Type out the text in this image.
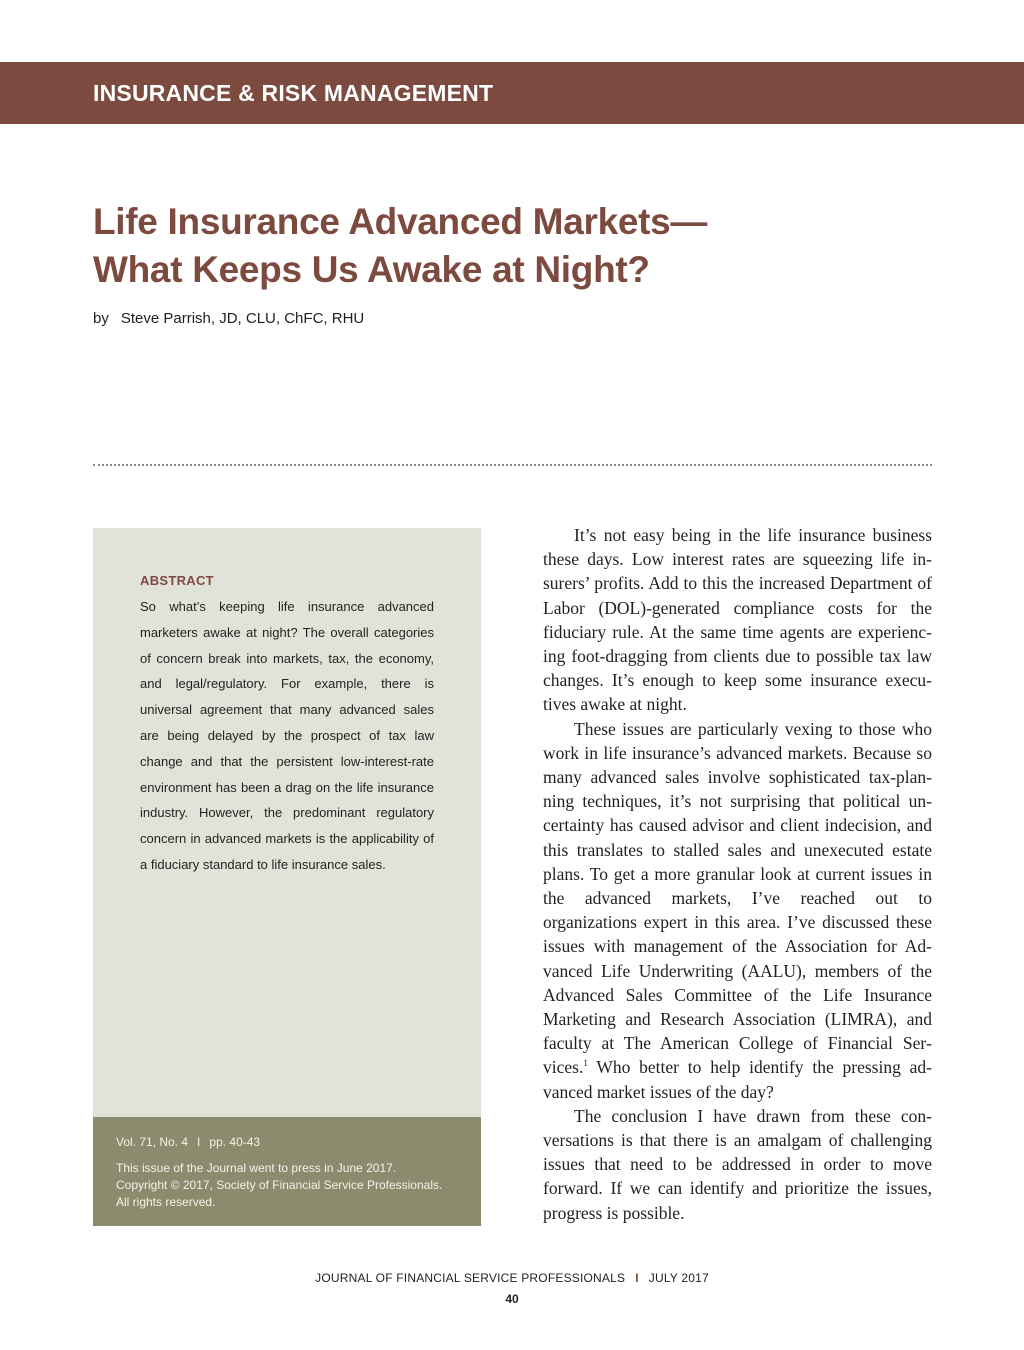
INSURANCE & RISK MANAGEMENT
Life Insurance Advanced Markets—
What Keeps Us Awake at Night?
by Steve Parrish, JD, CLU, ChFC, RHU
ABSTRACT

So what’s keeping life insurance advanced marketers awake at night? The overall categories of concern break into markets, tax, the economy, and legal/regulatory. For example, there is universal agreement that many advanced sales are being delayed by the prospect of tax law change and that the persistent low-interest-rate environment has been a drag on the life insurance industry. However, the predominant regulatory concern in advanced markets is the applicability of a fiduciary standard to life insurance sales.

Vol. 71, No. 4 I pp. 40-43
This issue of the Journal went to press in June 2017.
Copyright © 2017, Society of Financial Service Professionals.
All rights reserved.

It’s not easy being in the life insurance business these days. Low interest rates are squeezing life insurers’ profits. Add to this the increased Department of Labor (DOL)-generated compliance costs for the fiduciary rule. At the same time agents are experiencing foot-dragging from clients due to possible tax law changes. It’s enough to keep some insurance executives awake at night.

These issues are particularly vexing to those who work in life insurance’s advanced markets. Because so many advanced sales involve sophisticated tax-planning techniques, it’s not surprising that political uncertainty has caused advisor and client indecision, and this translates to stalled sales and unexecuted estate plans. To get a more granular look at current issues in the advanced markets, I’ve reached out to organizations expert in this area. I’ve discussed these issues with management of the Association for Advanced Life Underwriting (AALU), members of the Advanced Sales Committee of the Life Insurance Marketing and Research Association (LIMRA), and faculty at The American College of Financial Services.$^1$ Who better to help identify the pressing advanced market issues of the day?

The conclusion I have drawn from these conversations is that there is an amalgam of challenging issues that need to be addressed in order to move forward. If we can identify and prioritize the issues, progress is possible.

JOURNAL OF FINANCIAL SERVICE PROFESSIONALS I JULY 2017
40
